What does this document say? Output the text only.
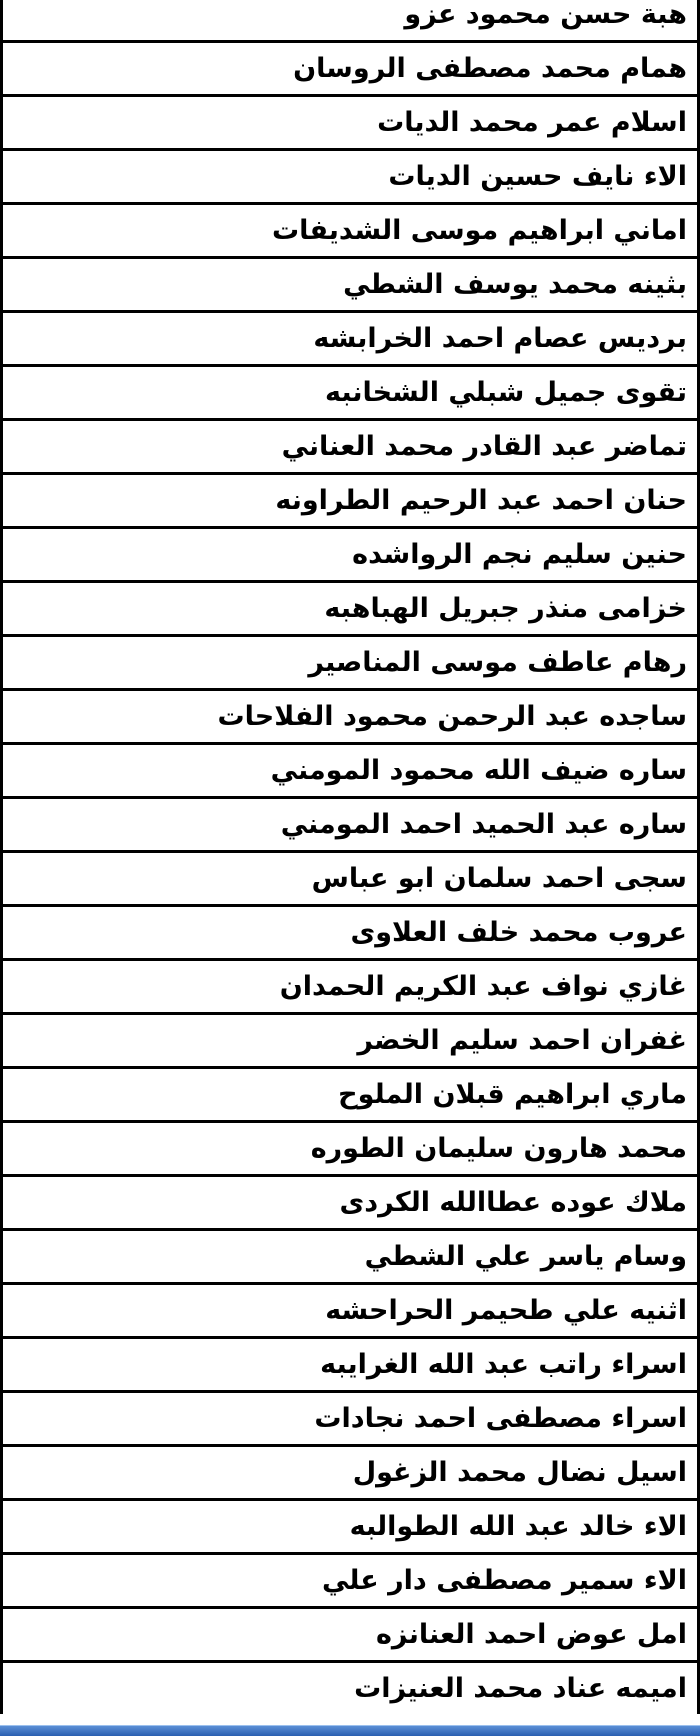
هبة حسن محمود عزو
همام محمد مصطفى الروسان
اسلام عمر محمد الديات
الاء نايف حسين الديات
اماني ابراهيم موسى الشديفات
بثينه محمد يوسف الشطي
برديس عصام احمد الخرابشه
تقوى جميل شبلي الشخانبه
تماضر عبد القادر محمد العناني
حنان احمد عبد الرحيم الطراونه
حنين سليم نجم الرواشده
خزامى منذر جبريل الهباهبه
رهام عاطف موسى المناصير
ساجده عبد الرحمن محمود الفلاحات
ساره ضيف الله محمود المومني
ساره عبد الحميد احمد المومني
سجى احمد سلمان ابو عباس
عروب محمد خلف العلاوى
غازي نواف عبد الكريم الحمدان
غفران احمد سليم الخضر
ماري ابراهيم قبلان الملوح
محمد هارون سليمان الطوره
ملاك عوده عطاالله الكردى
وسام ياسر علي الشطي
اثنيه علي طحيمر الحراحشه
اسراء راتب عبد الله الغرايبه
اسراء مصطفى احمد نجادات
اسيل نضال محمد الزغول
الاء خالد عبد الله الطوالبه
الاء سمير مصطفى دار علي
امل عوض احمد العنانزه
اميمه عناد محمد العنيزات
